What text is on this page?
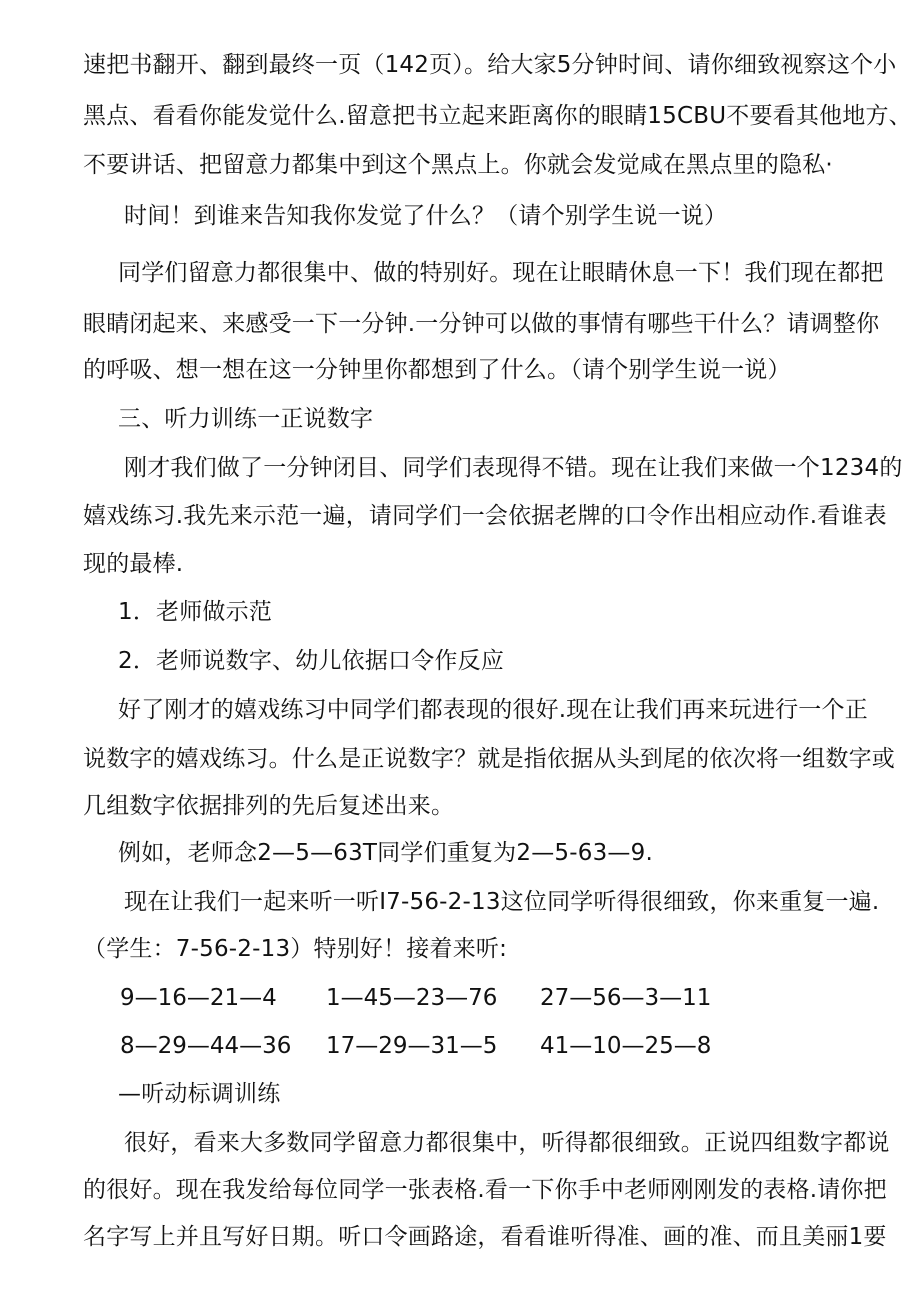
速把书翻开、翻到最终一页（142页）。给大家5分钟时间、请你细致视察这个小
黑点、看看你能发觉什么.留意把书立起来距离你的眼睛15CBU不要看其他地方、
不要讲话、把留意力都集中到这个黑点上。你就会发觉咸在黑点里的隐私·
时间！到谁来告知我你发觉了什么？（请个别学生说一说）
同学们留意力都很集中、做的特别好。现在让眼睛休息一下！我们现在都把
眼睛闭起来、来感受一下一分钟.一分钟可以做的事情有哪些干什么？请调整你
的呼吸、想一想在这一分钟里你都想到了什么。（请个别学生说一说）
三、听力训练一正说数字
刚才我们做了一分钟闭目、同学们表现得不错。现在让我们来做一个1234的
嬉戏练习.我先来示范一遍，请同学们一会依据老牌的口令作出相应动作.看谁表
现的最棒.
1．老师做示范
2．老师说数字、幼儿依据口令作反应
好了刚才的嬉戏练习中同学们都表现的很好.现在让我们再来玩进行一个正
说数字的嬉戏练习。什么是正说数字？就是指依据从头到尾的依次将一组数字或
几组数字依据排列的先后复述出来。
例如，老师念2—5—63T同学们重复为2—5-63—9.
现在让我们一起来听一听I7-56-2-13这位同学听得很细致，你来重复一遍.
（学生：7-56-2-13）特别好！接着来听:
9—16—21—4 1—45—23—76 27—56—3—11
8—29—44—36 17—29—31—5 41—10—25—8
—听动标调训练
很好，看来大多数同学留意力都很集中，听得都很细致。正说四组数字都说
的很好。现在我发给每位同学一张表格.看一下你手中老师刚刚发的表格.请你把
名字写上并且写好日期。听口令画路途，看看谁听得准、画的准、而且美丽1要
